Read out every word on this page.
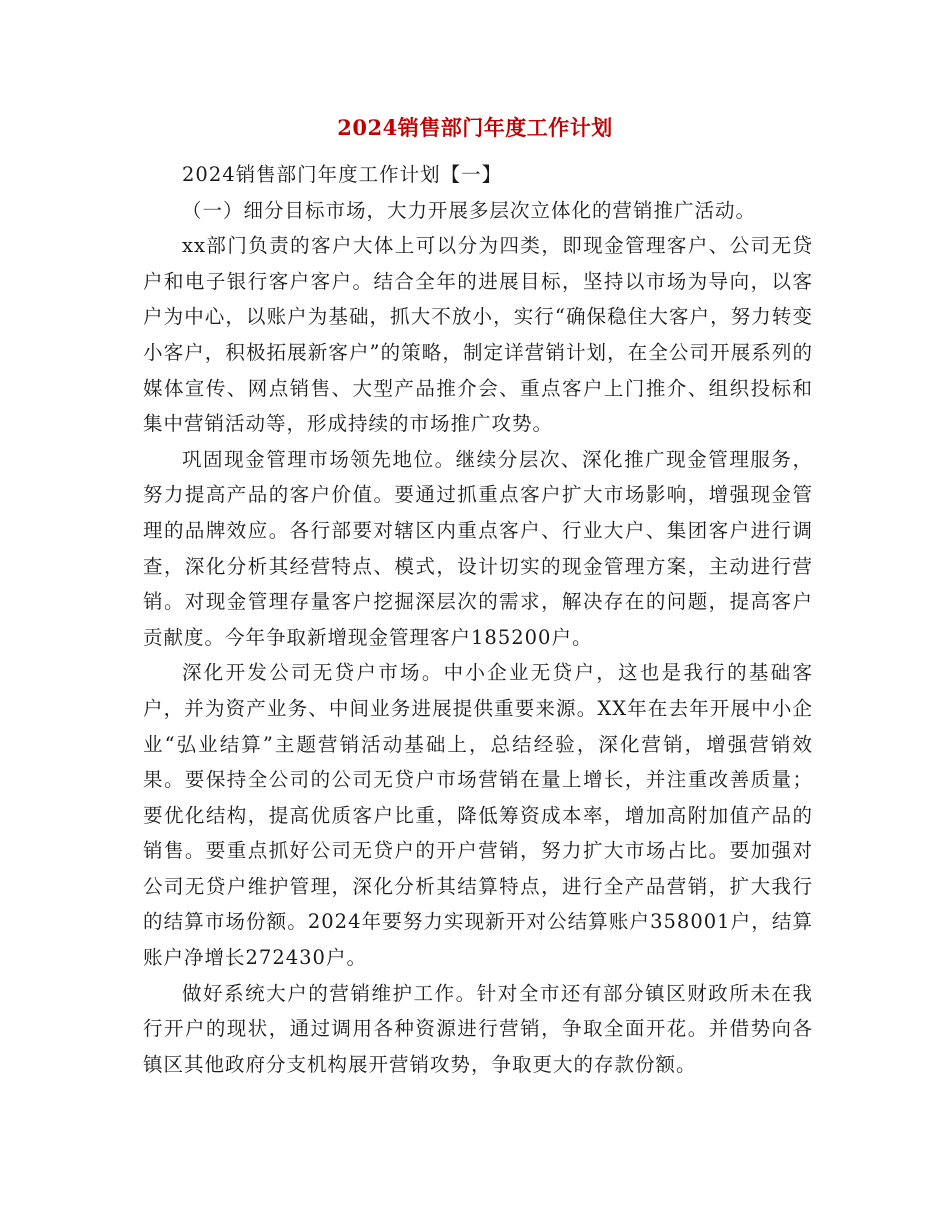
2024销售部门年度工作计划

2024销售部门年度工作计划【一】

（一）细分目标市场，大力开展多层次立体化的营销推广活动。

xx部门负责的客户大体上可以分为四类，即现金管理客户、公司无贷户和电子银行客户客户。结合全年的进展目标，坚持以市场为导向，以客户为中心，以账户为基础，抓大不放小，实行“确保稳住大客户，努力转变小客户，积极拓展新客户”的策略，制定详营销计划，在全公司开展系列的媒体宣传、网点销售、大型产品推介会、重点客户上门推介、组织投标和集中营销活动等，形成持续的市场推广攻势。

巩固现金管理市场领先地位。继续分层次、深化推广现金管理服务，努力提高产品的客户价值。要通过抓重点客户扩大市场影响，增强现金管理的品牌效应。各行部要对辖区内重点客户、行业大户、集团客户进行调查，深化分析其经营特点、模式，设计切实的现金管理方案，主动进行营销。对现金管理存量客户挖掘深层次的需求，解决存在的问题，提高客户贡献度。今年争取新增现金管理客户185200户。

深化开发公司无贷户市场。中小企业无贷户，这也是我行的基础客户，并为资产业务、中间业务进展提供重要来源。XX年在去年开展中小企业“弘业结算”主题营销活动基础上，总结经验，深化营销，增强营销效果。要保持全公司的公司无贷户市场营销在量上增长，并注重改善质量；要优化结构，提高优质客户比重，降低筹资成本率，增加高附加值产品的销售。要重点抓好公司无贷户的开户营销，努力扩大市场占比。要加强对公司无贷户维护管理，深化分析其结算特点，进行全产品营销，扩大我行的结算市场份额。2024年要努力实现新开对公结算账户358001户，结算账户净增长272430户。

做好系统大户的营销维护工作。针对全市还有部分镇区财政所未在我行开户的现状，通过调用各种资源进行营销，争取全面开花。并借势向各镇区其他政府分支机构展开营销攻势，争取更大的存款份额。
